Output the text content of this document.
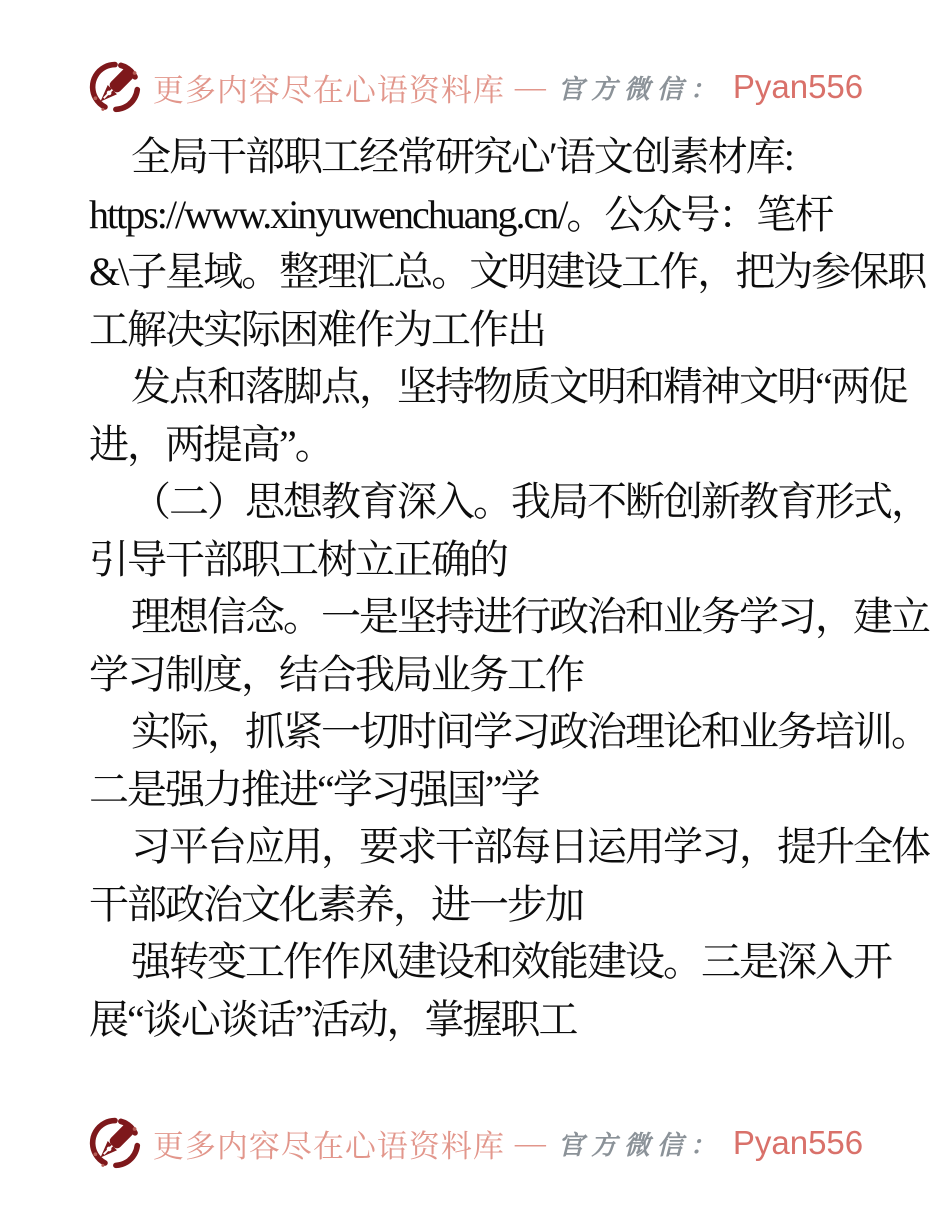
更多内容尽在心语资料库 — 官方微信： Pyan556
全局干部职工经常研究心′语文创素材库:
https://www.xinyuwenchuang.cn/。公众号：笔杆
&\子星域。整理汇总。文明建设工作，把为参保职
工解决实际困难作为工作出
发点和落脚点，坚持物质文明和精神文明“两促
进，两提高”。
（二）思想教育深入。我局不断创新教育形式，
引导干部职工树立正确的
理想信念。一是坚持进行政治和业务学习，建立
学习制度，结合我局业务工作
实际，抓紧一切时间学习政治理论和业务培训。
二是强力推进“学习强国”学
习平台应用，要求干部每日运用学习，提升全体
干部政治文化素养，进一步加
强转变工作作风建设和效能建设。三是深入开
展“谈心谈话”活动，掌握职工
更多内容尽在心语资料库 — 官方微信： Pyan556
